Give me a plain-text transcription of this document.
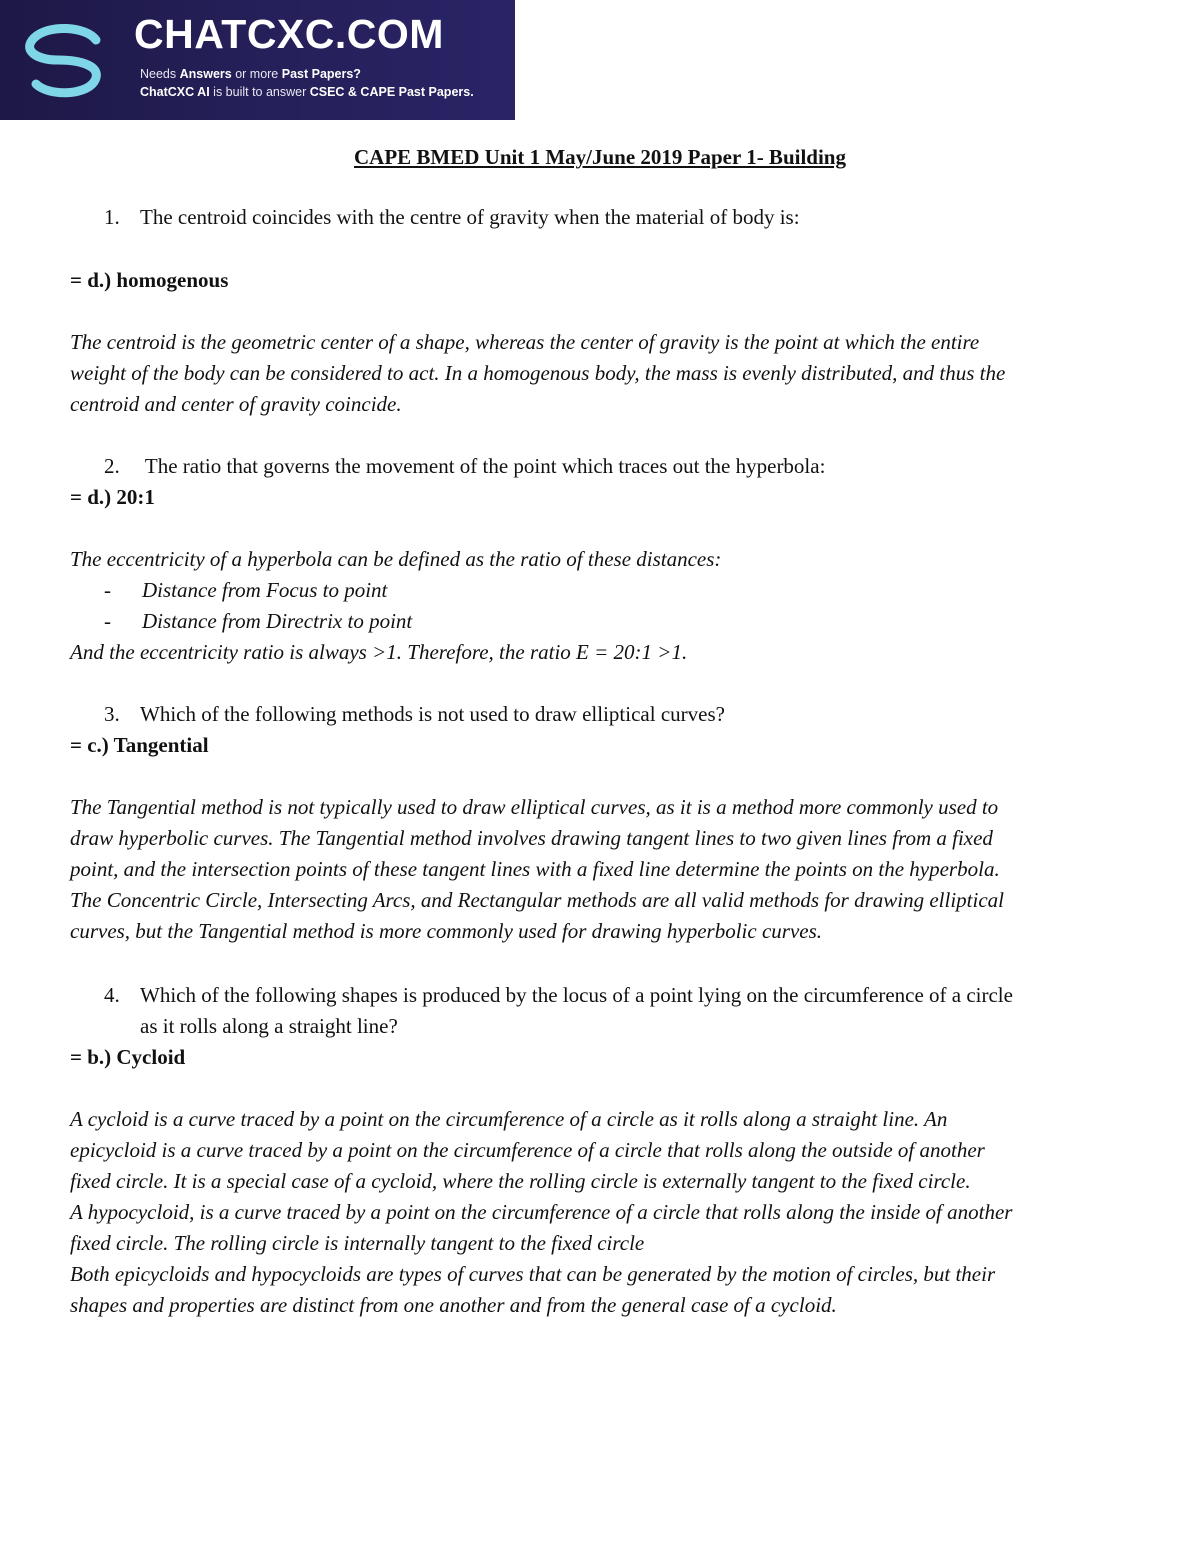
CHATCXC.COM
Needs Answers or more Past Papers?
ChatCXC AI is built to answer CSEC & CAPE Past Papers.
CAPE BMED Unit 1 May/June 2019 Paper 1- Building
1. The centroid coincides with the centre of gravity when the material of body is:
= d.) homogenous
The centroid is the geometric center of a shape, whereas the center of gravity is the point at which the entire
weight of the body can be considered to act. In a homogenous body, the mass is evenly distributed, and thus the
centroid and center of gravity coincide.
2. The ratio that governs the movement of the point which traces out the hyperbola:
= d.) 20:1
The eccentricity of a hyperbola can be defined as the ratio of these distances:
- Distance from Focus to point
- Distance from Directrix to point
And the eccentricity ratio is always >1. Therefore, the ratio E = 20:1 >1.
3. Which of the following methods is not used to draw elliptical curves?
= c.) Tangential
The Tangential method is not typically used to draw elliptical curves, as it is a method more commonly used to
draw hyperbolic curves. The Tangential method involves drawing tangent lines to two given lines from a fixed
point, and the intersection points of these tangent lines with a fixed line determine the points on the hyperbola.
The Concentric Circle, Intersecting Arcs, and Rectangular methods are all valid methods for drawing elliptical
curves, but the Tangential method is more commonly used for drawing hyperbolic curves.
4. Which of the following shapes is produced by the locus of a point lying on the circumference of a circle
as it rolls along a straight line?
= b.) Cycloid
A cycloid is a curve traced by a point on the circumference of a circle as it rolls along a straight line. An
epicycloid is a curve traced by a point on the circumference of a circle that rolls along the outside of another
fixed circle. It is a special case of a cycloid, where the rolling circle is externally tangent to the fixed circle.
A hypocycloid, is a curve traced by a point on the circumference of a circle that rolls along the inside of another
fixed circle. The rolling circle is internally tangent to the fixed circle
Both epicycloids and hypocycloids are types of curves that can be generated by the motion of circles, but their
shapes and properties are distinct from one another and from the general case of a cycloid.
